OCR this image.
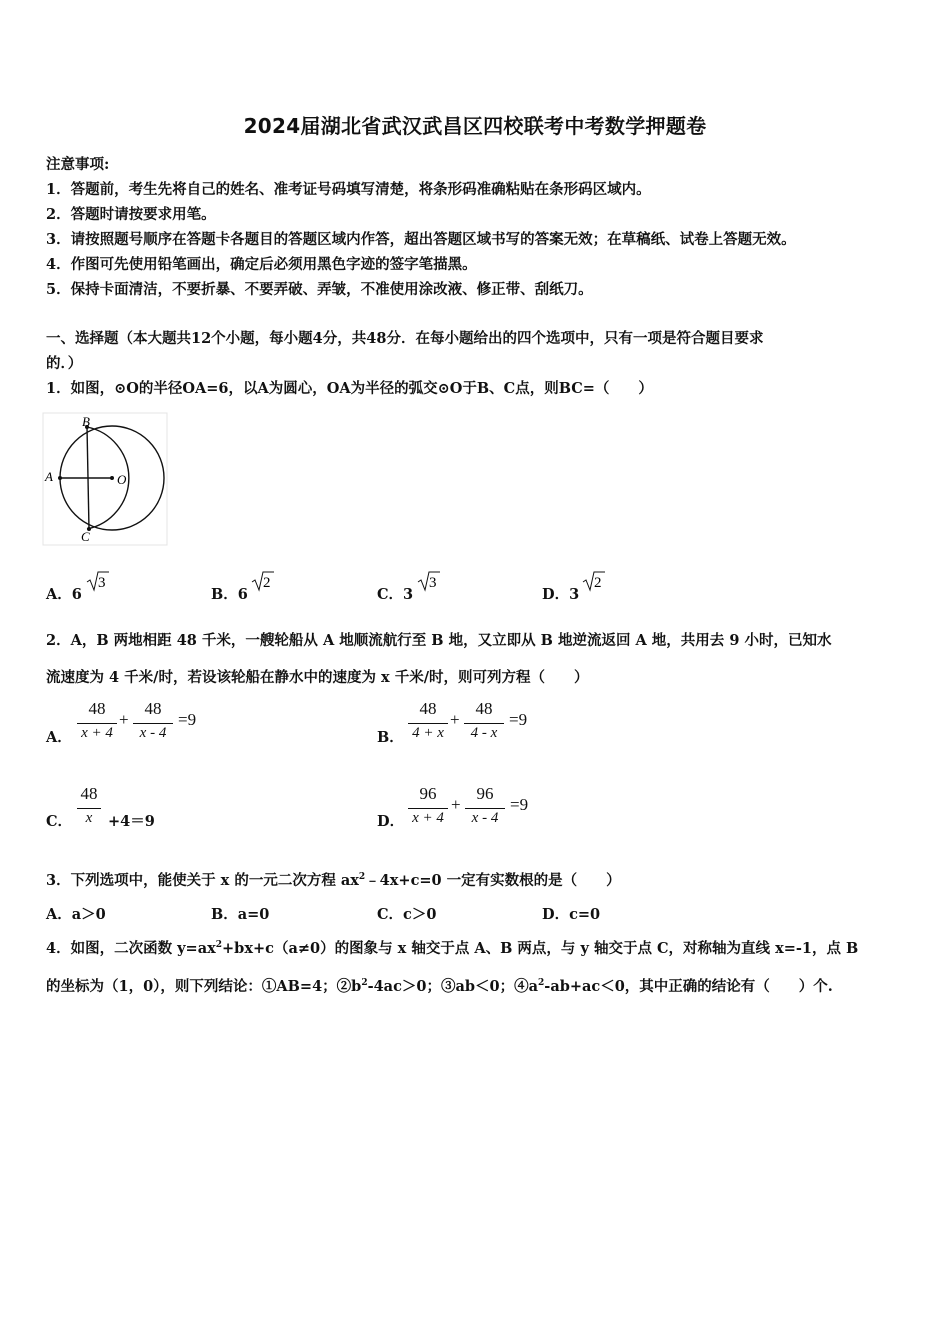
2024届湖北省武汉武昌区四校联考中考数学押题卷
注意事项:
1．答题前，考生先将自己的姓名、准考证号码填写清楚，将条形码准确粘贴在条形码区域内。
2．答题时请按要求用笔。
3．请按照题号顺序在答题卡各题目的答题区域内作答，超出答题区域书写的答案无效；在草稿纸、试卷上答题无效。
4．作图可先使用铅笔画出，确定后必须用黑色字迹的签字笔描黑。
5．保持卡面清洁，不要折暴、不要弄破、弄皱，不准使用涂改液、修正带、刮纸刀。
一、选择题（本大题共12个小题，每小题4分，共48分．在每小题给出的四个选项中，只有一项是符合题目要求
的．）
1．如图，⊙O的半径OA=6，以A为圆心，OA为半径的弧交⊙O于B、C点，则BC=（　　）
B
A	O
C
A．6
3
B．6
2
C．3
3
D．3
2
2．A，B 两地相距 48 千米，一艘轮船从 A 地顺流航行至 B 地，又立即从 B 地逆流返回 A 地，共用去 9 小时，已知水
流速度为 4 千米/时，若设该轮船在静水中的速度为 x 千米/时，则可列方程（　　）
A．
48
x + 4
+
48
x - 4
=9
B．
48
4 + x
+
48
4 - x
=9
C．
48
x	+4＝9	D．
96
x + 4
+
96
x - 4
=9
3．下列选项中，能使关于 x 的一元二次方程 $ax^2﹣4x+c=0$ 一定有实数根的是（　　）
A．a＞0	B．a=0	C．c＞0	D．c=0
4．如图，二次函数 $y=ax^2+bx+c(a\ne 0)$的图象与 x 轴交于点 A、B 两点，与 y 轴交于点 C，对称轴为直线 x=-1，点 B
的坐标为（1，0），则下列结论：①AB=4；$②b^2-4ac>0$；③ab＜0；$④a^2-ab+ac<0$，其中正确的结论有（　　）个.
